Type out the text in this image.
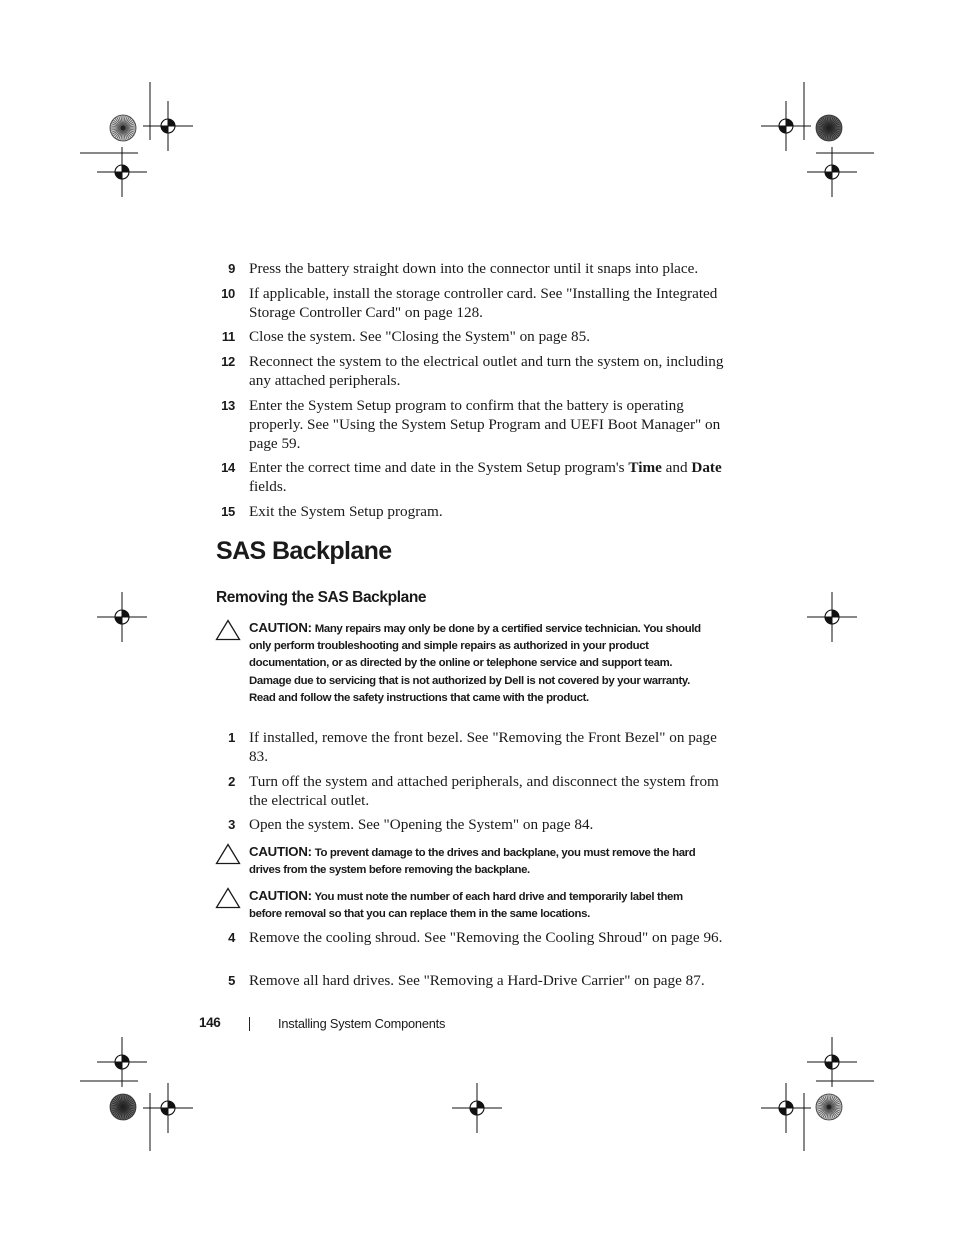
9 Press the battery straight down into the connector until it snaps into place.
10 If applicable, install the storage controller card. See "Installing the Integrated Storage Controller Card" on page 128.
11 Close the system. See "Closing the System" on page 85.
12 Reconnect the system to the electrical outlet and turn the system on, including any attached peripherals.
13 Enter the System Setup program to confirm that the battery is operating properly. See "Using the System Setup Program and UEFI Boot Manager" on page 59.
14 Enter the correct time and date in the System Setup program's Time and Date fields.
15 Exit the System Setup program.
SAS Backplane
Removing the SAS Backplane
CAUTION: Many repairs may only be done by a certified service technician. You should only perform troubleshooting and simple repairs as authorized in your product documentation, or as directed by the online or telephone service and support team. Damage due to servicing that is not authorized by Dell is not covered by your warranty. Read and follow the safety instructions that came with the product.
1 If installed, remove the front bezel. See "Removing the Front Bezel" on page 83.
2 Turn off the system and attached peripherals, and disconnect the system from the electrical outlet.
3 Open the system. See "Opening the System" on page 84.
CAUTION: To prevent damage to the drives and backplane, you must remove the hard drives from the system before removing the backplane.
CAUTION: You must note the number of each hard drive and temporarily label them before removal so that you can replace them in the same locations.
4 Remove the cooling shroud. See "Removing the Cooling Shroud" on page 96.
5 Remove all hard drives. See "Removing a Hard-Drive Carrier" on page 87.
146	Installing System Components
